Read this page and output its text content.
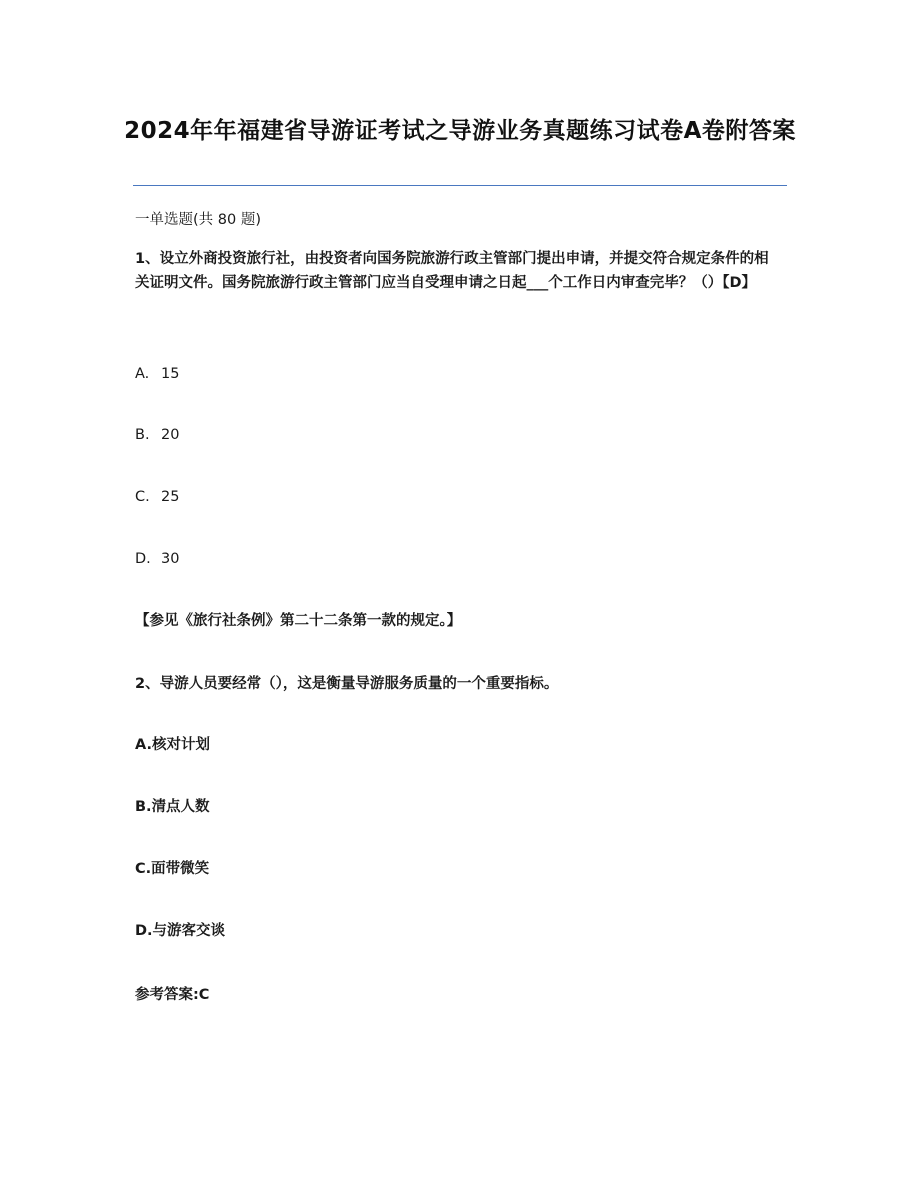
2024年年福建省导游证考试之导游业务真题练习试卷A卷附答案
一单选题(共 80 题)
1、设立外商投资旅行社，由投资者向国务院旅游行政主管部门提出申请，并提交符合规定条件的相关证明文件。国务院旅游行政主管部门应当自受理申请之日起___个工作日内审查完毕？（）【D】
A. 15
B. 20
C. 25
D. 30
【参见《旅行社条例》第二十二条第一款的规定。】
2、导游人员要经常（），这是衡量导游服务质量的一个重要指标。
A.核对计划
B.清点人数
C.面带微笑
D.与游客交谈
参考答案:C
